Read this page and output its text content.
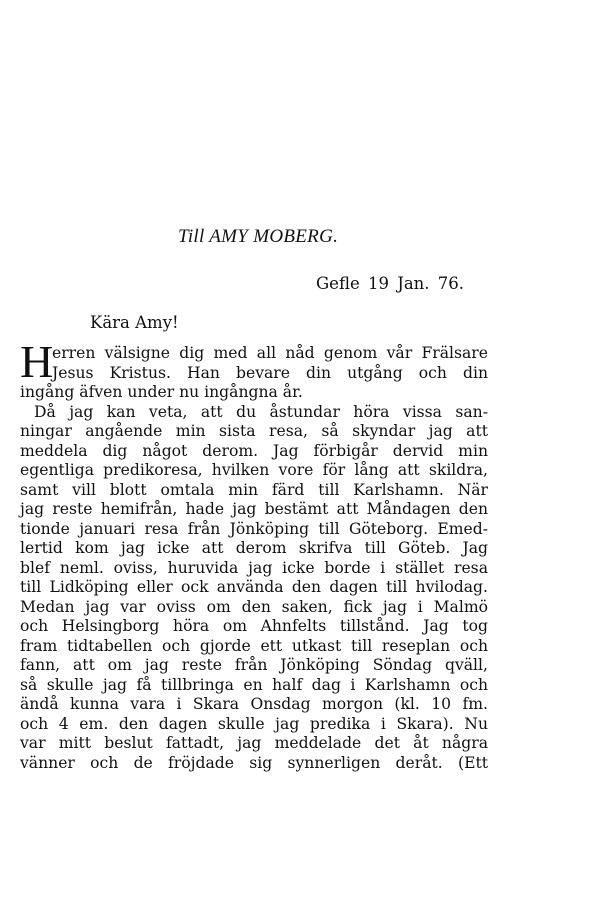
Till AMY MOBERG.

Gefle 19 Jan. 76.

Kära Amy!

H
erren välsigne dig med all nåd genom vår Frälsare
Jesus Kristus. Han bevare din utgång och din
ingång äfven under nu ingångna år.
Då jag kan veta, att du åstundar höra vissa san-
ningar angående min sista resa, så skyndar jag att
meddela dig något derom. Jag förbigår dervid min
egentliga predikoresa, hvilken vore för lång att skildra,
samt vill blott omtala min färd till Karlshamn. När
jag reste hemifrån, hade jag bestämt att Måndagen den
tionde januari resa från Jönköping till Göteborg. Emed-
lertid kom jag icke att derom skrifva till Göteb. Jag
blef neml. oviss, huruvida jag icke borde i stället resa
till Lidköping eller ock använda den dagen till hvilodag.
Medan jag var oviss om den saken, fick jag i Malmö
och Helsingborg höra om Ahnfelts tillstånd. Jag tog
fram tidtabellen och gjorde ett utkast till reseplan och
fann, att om jag reste från Jönköping Söndag qväll,
så skulle jag få tillbringa en half dag i Karlshamn och
ändå kunna vara i Skara Onsdag morgon (kl. 10 fm.
och 4 em. den dagen skulle jag predika i Skara). Nu
var mitt beslut fattadt, jag meddelade det åt några
vänner och de fröjdade sig synnerligen deråt. (Ett
